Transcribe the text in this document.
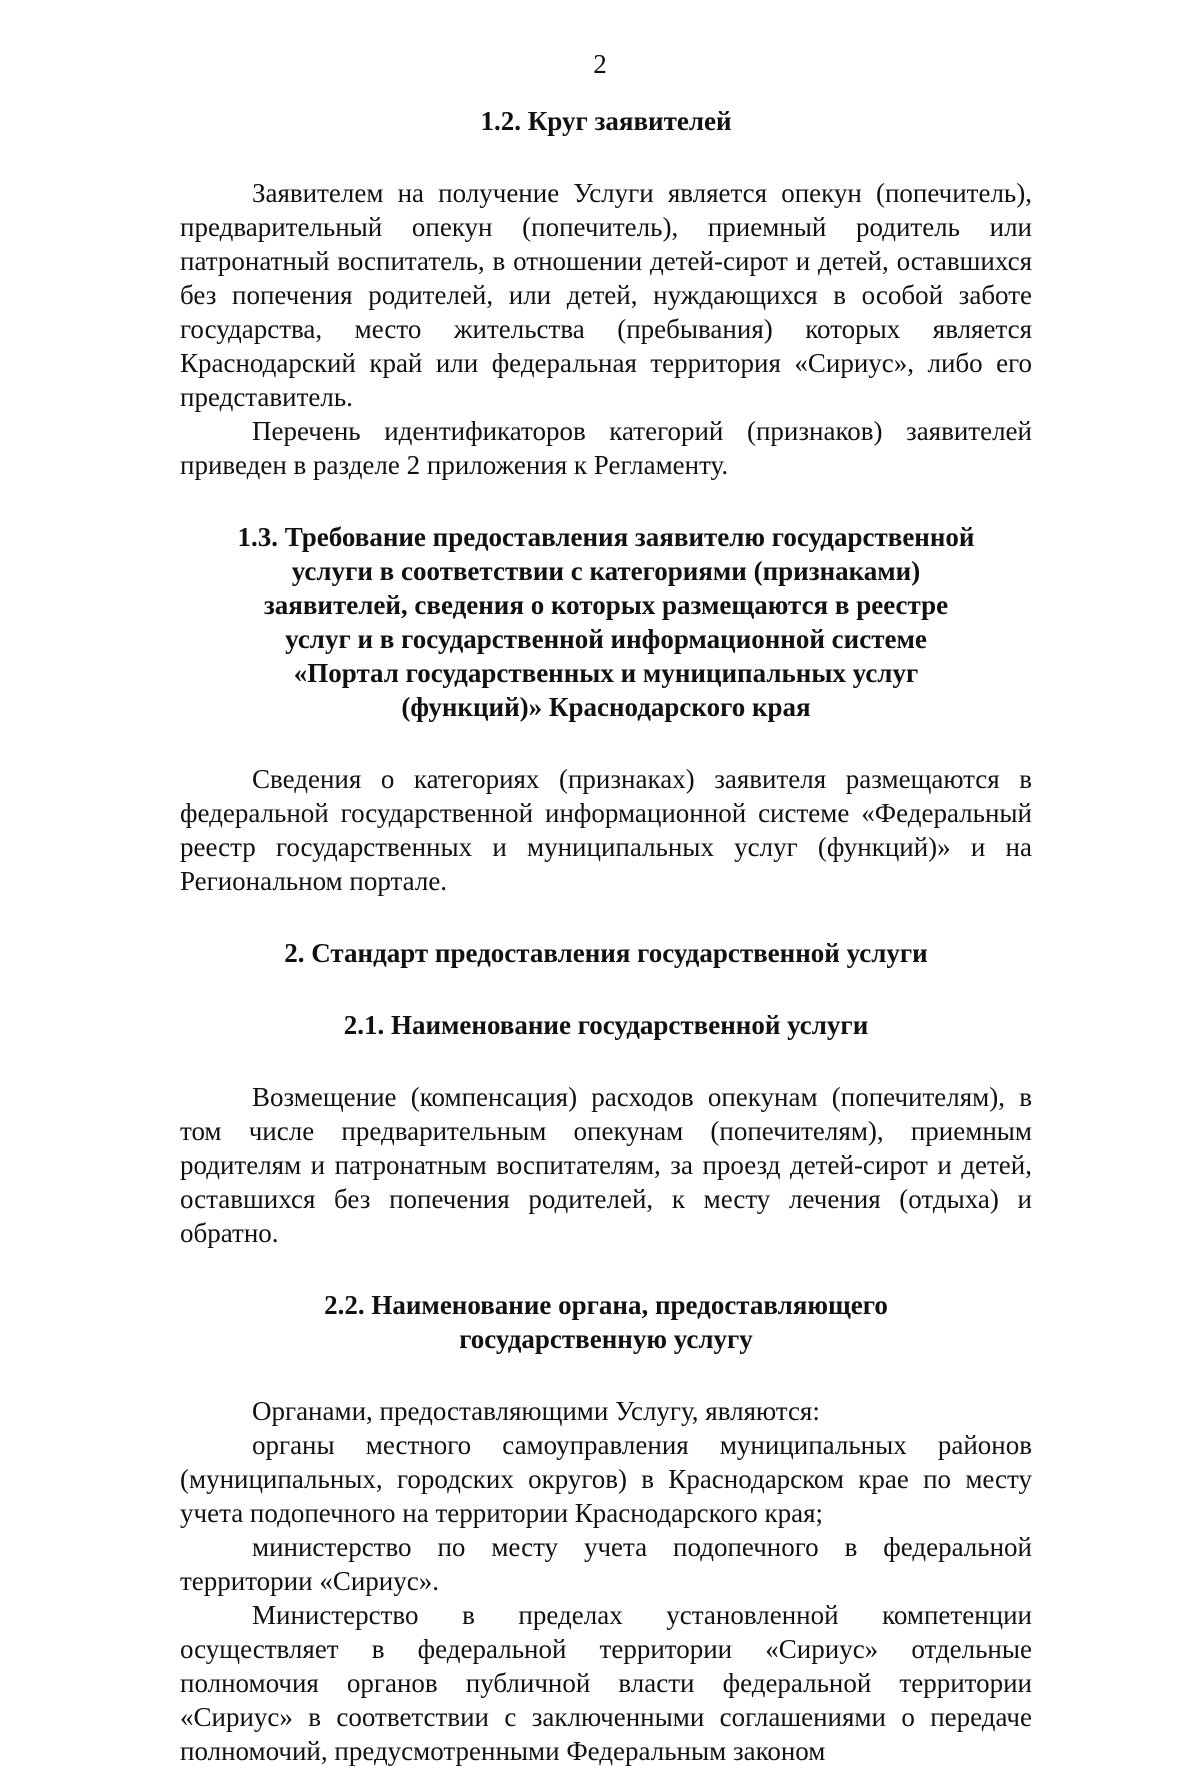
2
1.2. Круг заявителей

Заявителем на получение Услуги является опекун (попечитель), предварительный опекун (попечитель), приемный родитель или патронатный воспитатель, в отношении детей-сирот и детей, оставшихся без попечения родителей, или детей, нуждающихся в особой заботе государства, место жительства (пребывания) которых является Краснодарский край или федеральная территория «Сириус», либо его представитель.

Перечень идентификаторов категорий (признаков) заявителей приведен в разделе 2 приложения к Регламенту.

1.3. Требование предоставления заявителю государственной
услуги в соответствии с категориями (признаками)
заявителей, сведения о которых размещаются в реестре
услуг и в государственной информационной системе
«Портал государственных и муниципальных услуг
(функций)» Краснодарского края

Сведения о категориях (признаках) заявителя размещаются в федеральной государственной информационной системе «Федеральный реестр государственных и муниципальных услуг (функций)» и на Региональном портале.

2. Стандарт предоставления государственной услуги
2.1. Наименование государственной услуги

Возмещение (компенсация) расходов опекунам (попечителям), в том числе предварительным опекунам (попечителям), приемным родителям и патронатным воспитателям, за проезд детей-сирот и детей, оставшихся без попечения родителей, к месту лечения (отдыха) и обратно.

2.2. Наименование органа, предоставляющего
государственную услугу

Органами, предоставляющими Услугу, являются:

органы местного самоуправления муниципальных районов (муниципальных, городских округов) в Краснодарском крае по месту учета подопечного на территории Краснодарского края;

министерство по месту учета подопечного в федеральной территории «Сириус».

Министерство в пределах установленной компетенции осуществляет в федеральной территории «Сириус» отдельные полномочия органов публичной власти федеральной территории «Сириус» в соответствии с заключенными соглашениями о передаче полномочий, предусмотренными Федеральным законом
